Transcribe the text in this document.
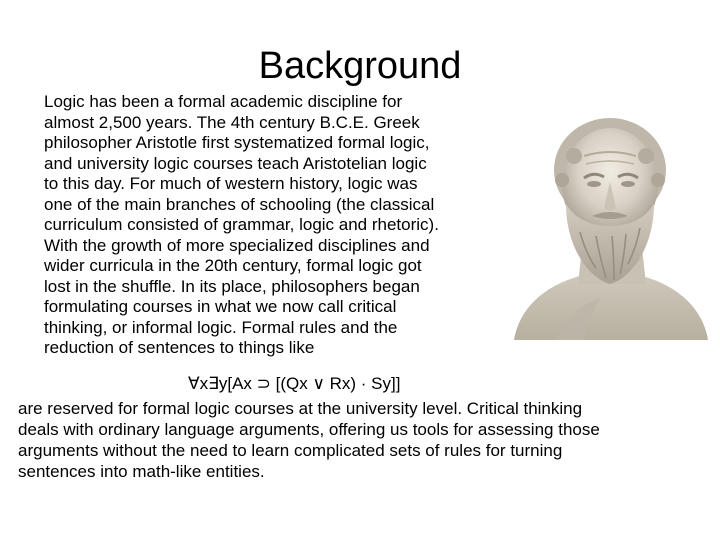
Background
Logic has been a formal academic discipline for
almost 2,500 years. The 4th century B.C.E. Greek
philosopher Aristotle first systematized formal logic,
and university logic courses teach Aristotelian logic
to this day. For much of western history, logic was
one of the main branches of schooling (the classical
curriculum consisted of grammar, logic and rhetoric).
With the growth of more specialized disciplines and
wider curricula in the 20th century, formal logic got
lost in the shuffle. In its place, philosophers began
formulating courses in what we now call critical
thinking, or informal logic. Formal rules and the
reduction of sentences to things like
∀x∃y[Ax ⊃ [(Qx ∨ Rx) · Sy]]
are reserved for formal logic courses at the university level. Critical thinking
deals with ordinary language arguments, offering us tools for assessing those
arguments without the need to learn complicated sets of rules for turning
sentences into math-like entities.
